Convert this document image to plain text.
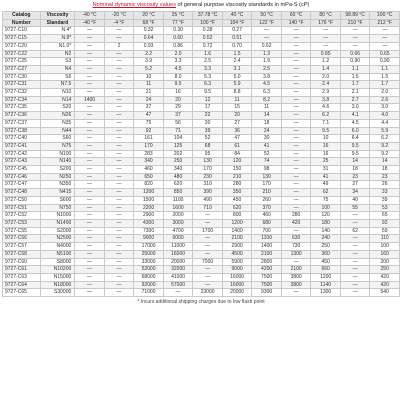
Nominal dynamic viscosity values of general purpose viscosity standards in mPa-S (cP)
Catalog	Viscosity	-40 °C	-20 °C	20 °C	25 °C	37.78 °C	40 °C	50 °C	60 °C	80 °C	98.89 °C	100 °C
Number	Standard	-40 °F	-4 °F	68 °F	77 °F	100 °F	104 °F	122 °F	140 °F	176 °F	210 °F	212 °F
9727-C10	N.4*	—	—	0.32	0.30	0.28	0.27	—	—	—	—	—
9727-C15	N.8*	—	—	0.64	0.60	0.52	0.51	—	—	—	—	—
9727-C20	N1.0*	—	2	0.93	0.86	0.72	0.70	0.62	—	—	—	—
9727-C22	N2	—	—	2.2	2.0	1.6	1.5	1.3	—	0.85	0.66	0.65
9727-C25	S3	—	—	3.9	3.3	2.5	2.4	1.9	—	1.2	0.90	0.90
9727-C27	N4	—	—	5.2	4.5	3.3	3.1	2.5	—	1.4	1.1	1.1
9727-C30	S6	—	—	10	8.0	5.3	5.0	3.8	—	2.0	1.5	1.5
9727-C31	N7.5	—	—	11	9.5	6.3	5.9	4.5	—	2.4	1.7	1.7
9727-C32	N10	—	—	21	16	9.5	8.8	6.3	—	2.9	2.1	2.0
9727-C34	N14	1400	—	24	20	12	11	8.2	—	3.8	2.7	2.6
9727-C35	S20	—	—	37	29	17	15	11	—	4.6	3.0	3.0
9727-C36	N26	—	—	47	37	22	20	14	—	6.2	4.1	4.0
9727-C37	N35	—	—	75	56	30	27	18	—	7.1	4.5	4.4
9727-C38	N44	—	—	92	71	39	36	24	—	9.5	6.0	5.9
9727-C40	S60	—	—	161	104	52	47	30	—	10	6.4	6.2
9727-C41	N75	—	—	170	125	68	61	41	—	16	9.5	9.2
9727-C42	N100	—	—	283	202	95	84	52	—	16	9.5	9.2
9727-C43	N140	—	—	340	250	130	120	74	—	25	14	14
9727-C45	S200	—	—	460	340	170	150	98	—	31	18	18
9727-C46	N250	—	—	650	480	230	210	130	—	41	23	23
9727-C47	N350	—	—	820	620	310	280	170	—	49	27	26
9727-C48	N415	—	—	1200	850	390	350	210	—	62	34	33
9727-C50	S600	—	—	1500	1100	490	450	260	—	75	40	39
9727-C51	N750	—	—	2200	1600	710	620	370	—	100	55	53
9727-C52	N1000	—	—	2900	2000	—	800	460	280	120	—	65
9727-C53	N1400	—	—	4300	3000	—	1200	680	420	180	—	92
9727-C55	S2000	—	—	7300	4700	1700	1400	700	—	140	62	59
9727-C56	N2500	—	—	9000	6000	—	2100	1100	630	240	—	110
9727-C57	N4000	—	—	17000	11000	—	2900	1400	730	250	—	100
9727-C58	N5100	—	—	25000	16000	—	4500	2100	1300	360	—	160
9727-C60	S8000	—	—	33000	20000	7000	5900	2800	—	450	—	200
9727-C61	N10200	—	—	52000	32000	—	9000	4200	2100	660	—	250
9727-C63	N15000	—	—	68000	41000	—	16000	7500	3800	1200	—	420
9727-C64	N18000	—	—	92000	57000	—	16000	7500	3800	1140	—	420
9727-C65	S30000	—	—	71000	—	23000	20000	9300	—	1300	—	540
* Incurs additional shipping charges due to low flash point
